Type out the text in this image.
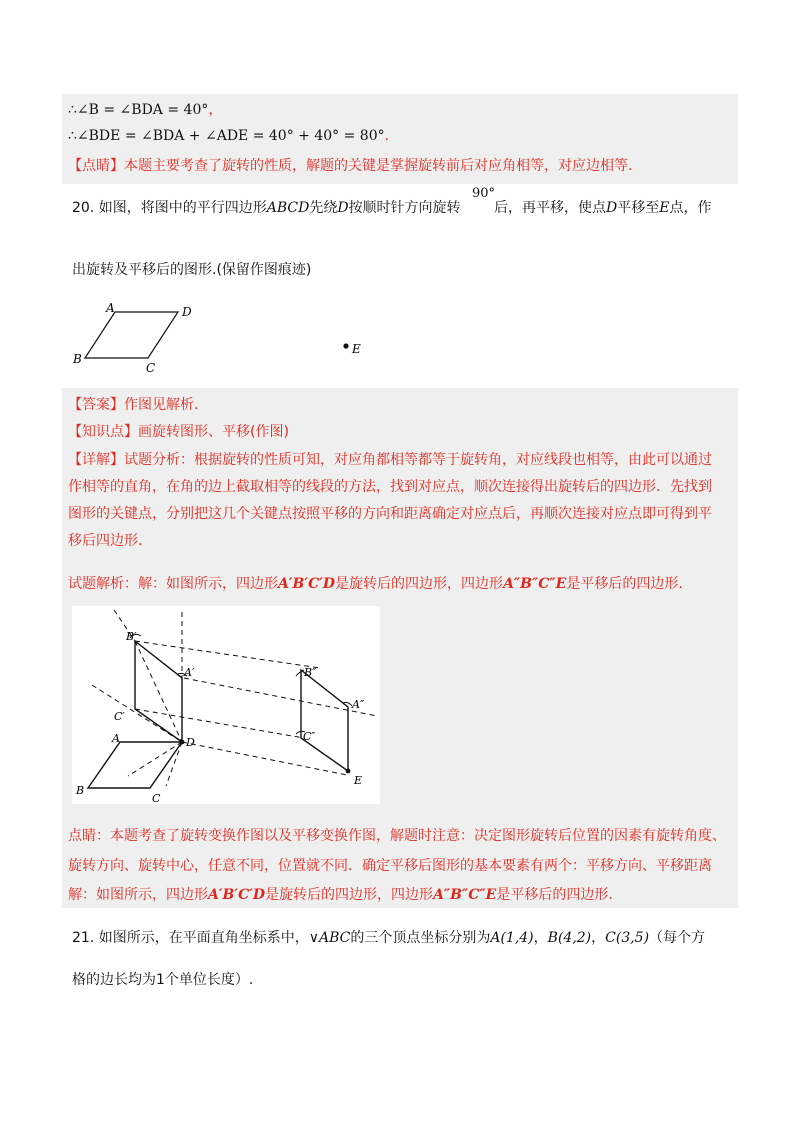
∴∠B = ∠BDA = 40°，
∴∠BDE = ∠BDA + ∠ADE = 40° + 40° = 80°．
【点睛】本题主要考查了旋转的性质，解题的关键是掌握旋转前后对应角相等，对应边相等.
20. 如图，将图中的平行四边形ABCD先绕D按顺时针方向旋转
90°
后，再平移，使点D平移至E点，作
出旋转及平移后的图形.(保留作图痕迹)
A	D
B
C
E
【答案】作图见解析.
【知识点】画旋转图形、平移(作图)
【详解】试题分析：根据旋转的性质可知，对应角都相等都等于旋转角，对应线段也相等，由此可以通过
作相等的直角，在角的边上截取相等的线段的方法，找到对应点，顺次连接得出旋转后的四边形．先找到
图形的关键点，分别把这几个关键点按照平移的方向和距离确定对应点后，再顺次连接对应点即可得到平
移后四边形.
试题解析：解：如图所示，四边形A′B′C′D是旋转后的四边形，四边形A″B″C″E是平移后的四边形.
B′
A′
C′
D
A
B
C
B″
A″
C″
E
点睛：本题考查了旋转变换作图以及平移变换作图，解题时注意：决定图形旋转后位置的因素有旋转角度、
旋转方向、旋转中心，任意不同，位置就不同．确定平移后图形的基本要素有两个：平移方向、平移距离
解：如图所示，四边形A′B′C′D是旋转后的四边形，四边形A″B″C″E是平移后的四边形.
21. 如图所示，在平面直角坐标系中，∨ABC的三个顶点坐标分别为A(1,4)，B(4,2)，C(3,5)（每个方
格的边长均为1个单位长度）.
